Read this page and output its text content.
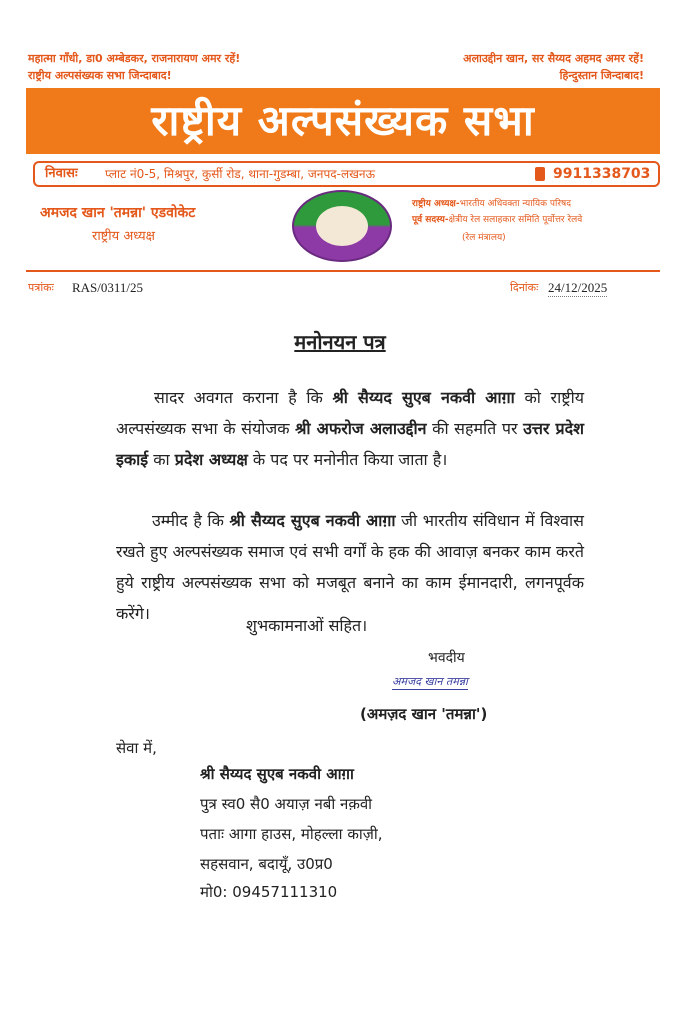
महात्मा गाँधी, डा0 अम्बेडकर, राजनारायण अमर रहें!
राष्ट्रीय अल्पसंख्यक सभा जिन्दाबाद!
अलाउद्दीन खान, सर सैय्यद अहमद अमर रहें!
हिन्दुस्तान जिन्दाबाद!
राष्ट्रीय अल्पसंख्यक सभा
निवासः प्लाट नं0-5, मिश्रपुर, कुर्सी रोड, थाना-गुडम्बा, जनपद-लखनऊ	9911338703
अमजद खान 'तमन्ना' एडवोकेट
राष्ट्रीय अध्यक्ष
राष्ट्रीय अध्यक्ष-भारतीय अधिवक्ता न्यायिक परिषद
पूर्व सदस्य-क्षेत्रीय रेल सलाहकार समिति पूर्वोत्तर रेलवे
(रेल मंत्रालय)
पत्रांकः RAS/0311/25	दिनांकः 24/12/2025
मनोनयन पत्र
सादर अवगत कराना है कि श्री सैय्यद सुएब नकवी आग़ा को राष्ट्रीय अल्पसंख्यक सभा के संयोजक श्री अफरोज अलाउद्दीन की सहमति पर उत्तर प्रदेश इकाई का प्रदेश अध्यक्ष के पद पर मनोनीत किया जाता है।
उम्मीद है कि श्री सैय्यद सुएब नकवी आग़ा जी भारतीय संविधान में विश्वास रखते हुए अल्पसंख्यक समाज एवं सभी वर्गों के हक की आवाज़ बनकर काम करते हुये राष्ट्रीय अल्पसंख्यक सभा को मजबूत बनाने का काम ईमानदारी, लगनपूर्वक करेंगे।
शुभकामनाओं सहित।
भवदीय
अमजद खान तमन्ना
(अमज़द खान 'तमन्ना')
सेवा में,
श्री सैय्यद सुएब नकवी आग़ा
पुत्र स्व0 सै0 अयाज़ नबी नक़वी
पताः आगा हाउस, मोहल्ला काज़ी,
सहसवान, बदायूँ, उ0प्र0
मो0: 09457111310
